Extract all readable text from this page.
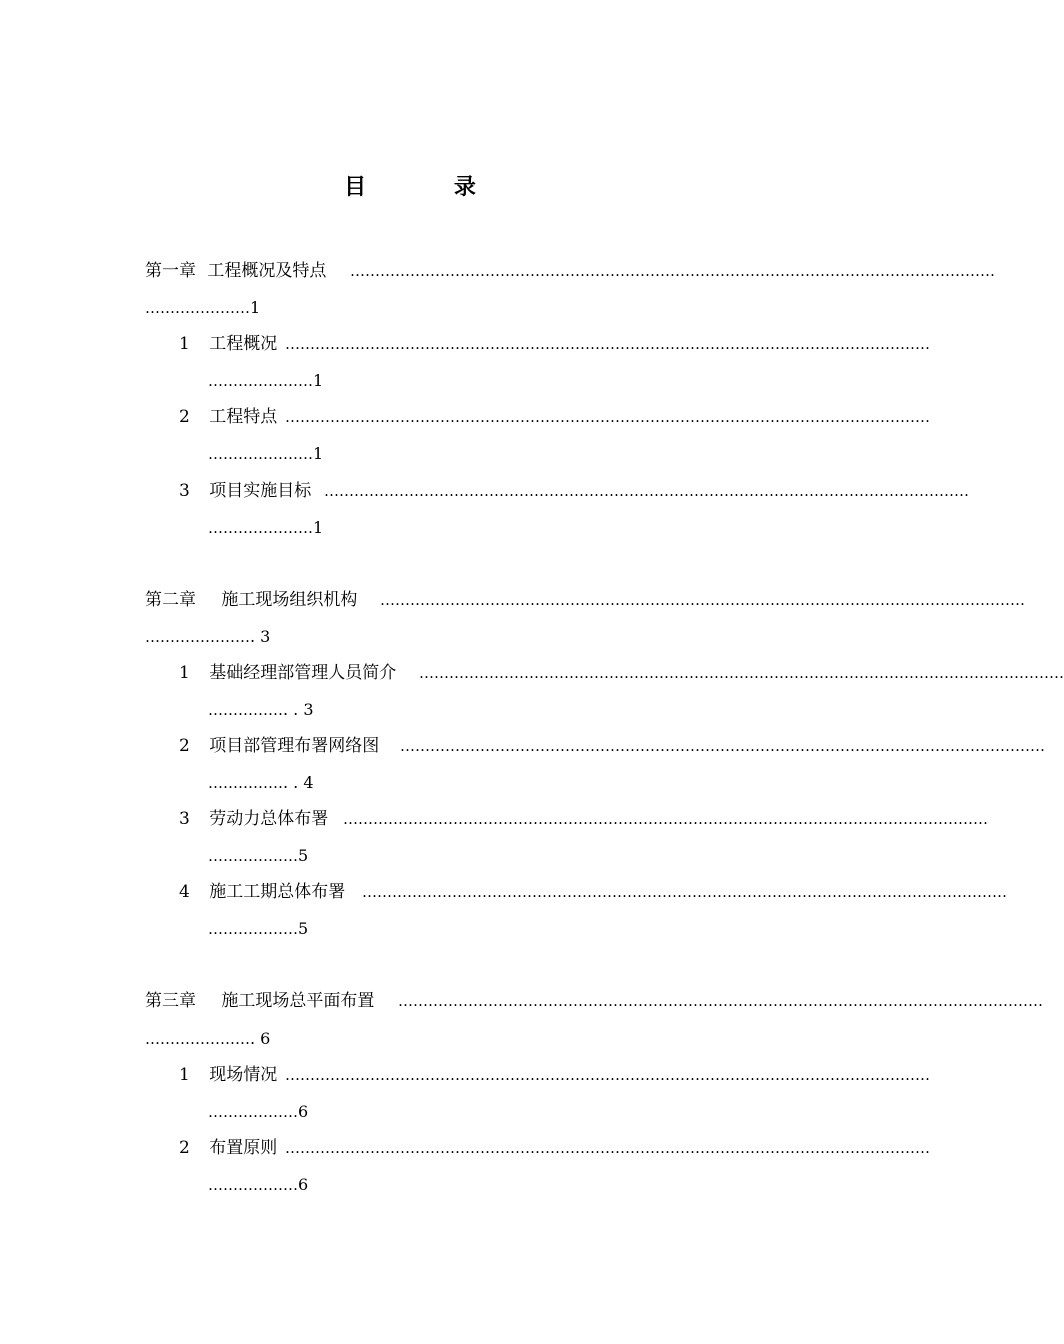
目 录
第一章 工程概况及特点 …………………………………………………………………………………………………………………
…………………1
1 工程概况 …………………………………………………………………………………………………………………
…………………1
2 工程特点 …………………………………………………………………………………………………………………
…………………1
3 项目实施目标 …………………………………………………………………………………………………………………
…………………1
第二章 施工现场组织机构 …………………………………………………………………………………………………………………
…………………. 3
1 基础经理部管理人员简介 …………………………………………………………………………………………………………………
……………. . 3
2 项目部管理布署网络图 …………………………………………………………………………………………………………………
……………. . 4
3 劳动力总体布署 …………………………………………………………………………………………………………………
………………5
4 施工工期总体布署 …………………………………………………………………………………………………………………
………………5
第三章 施工现场总平面布置 …………………………………………………………………………………………………………………
…………………. 6
1 现场情况 …………………………………………………………………………………………………………………
………………6
2 布置原则 …………………………………………………………………………………………………………………
………………6
